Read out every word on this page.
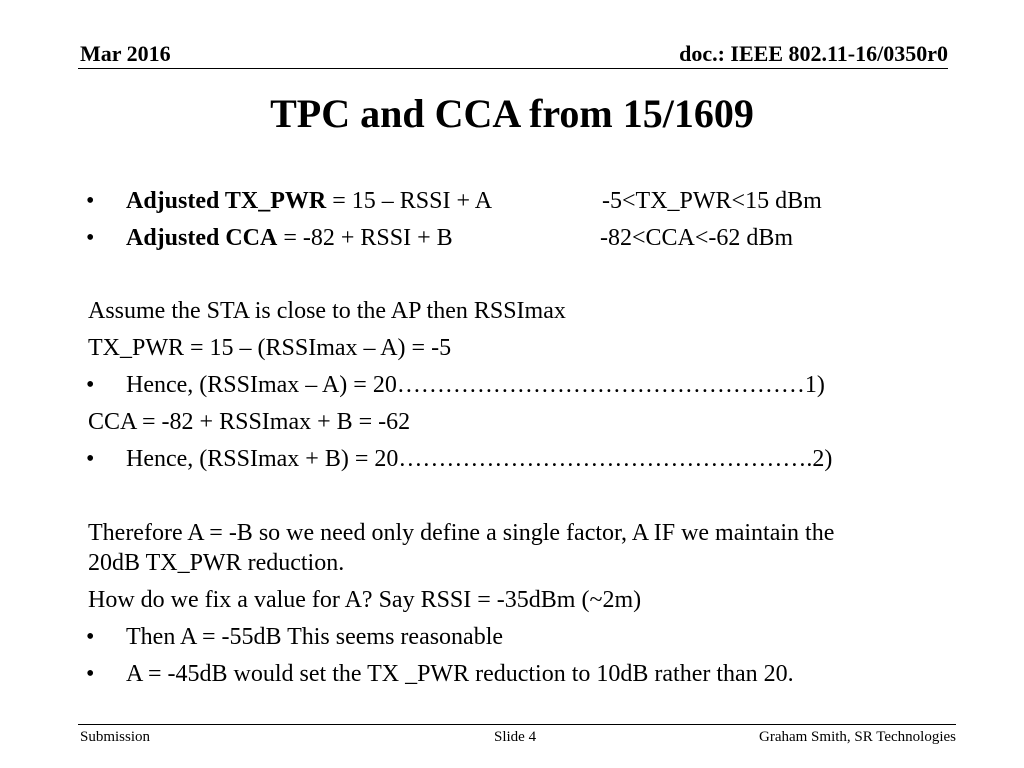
Mar 2016	doc.: IEEE 802.11-16/0350r0
TPC and CCA from 15/1609
• Adjusted TX_PWR = 15 – RSSI + A	-5<TX_PWR<15 dBm
• Adjusted CCA = -82 + RSSI + B	-82<CCA<-62 dBm
Assume the STA is close to the AP then RSSImax
TX_PWR = 15 – (RSSImax – A) = -5
• Hence, (RSSImax – A) = 20……………………………………………1)
CCA = -82 + RSSImax + B = -62
• Hence, (RSSImax + B) = 20…………………………………………….2)
Therefore A = -B so we need only define a single factor, A IF we maintain the
20dB TX_PWR reduction.
How do we fix a value for A? Say RSSI = -35dBm (~2m)
• Then A = -55dB This seems reasonable
• A = -45dB would set the TX _PWR reduction to 10dB rather than 20.
Submission	Slide 4	Graham Smith, SR Technologies
